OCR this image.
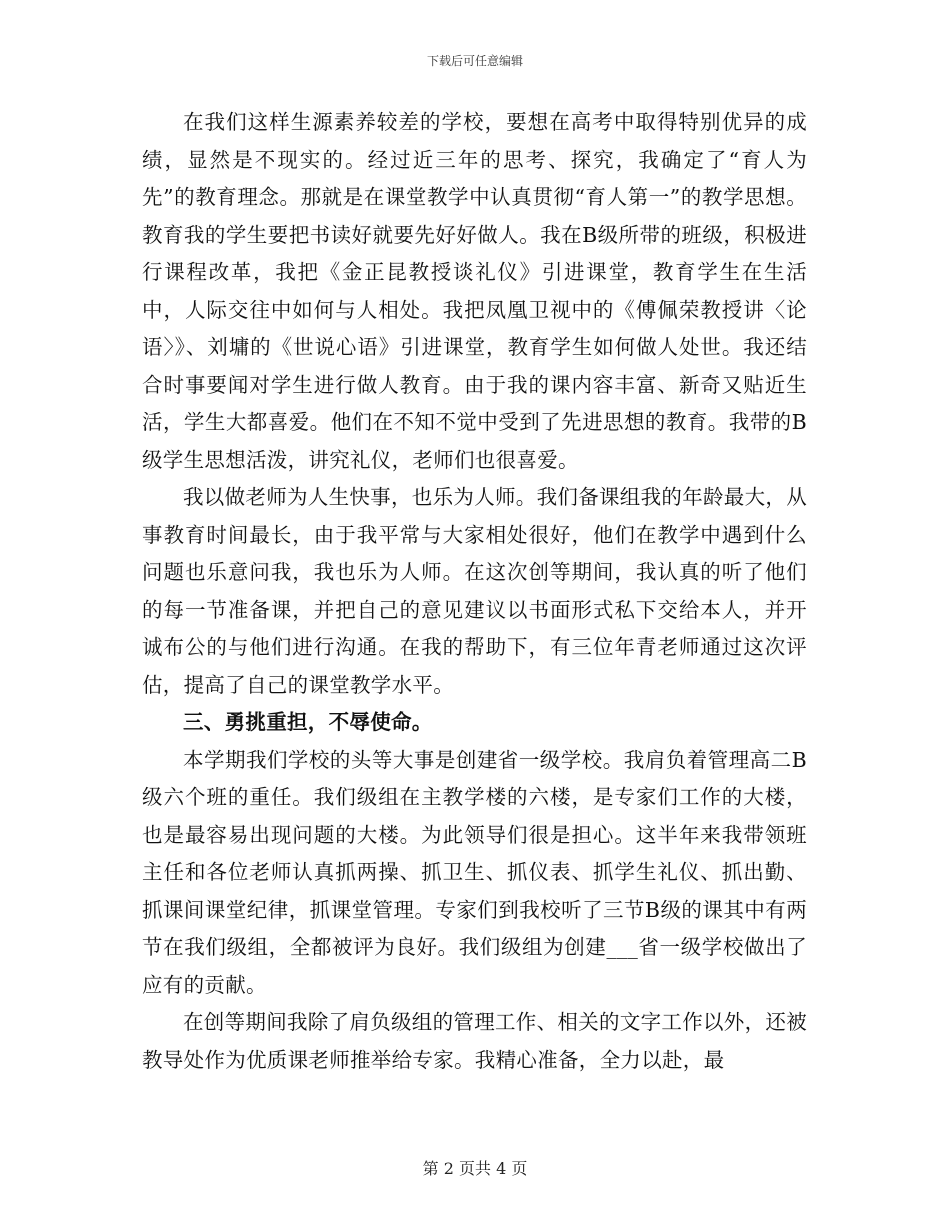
下载后可任意编辑

在我们这样生源素养较差的学校，要想在高考中取得特别优异的成绩，显然是不现实的。经过近三年的思考、探究，我确定了“育人为先”的教育理念。那就是在课堂教学中认真贯彻“育人第一”的教学思想。教育我的学生要把书读好就要先好好做人。我在B级所带的班级，积极进行课程改革，我把《金正昆教授谈礼仪》引进课堂，教育学生在生活中，人际交往中如何与人相处。我把凤凰卫视中的《傅佩荣教授讲〈论语〉》、刘墉的《世说心语》引进课堂，教育学生如何做人处世。我还结合时事要闻对学生进行做人教育。由于我的课内容丰富、新奇又贴近生活，学生大都喜爱。他们在不知不觉中受到了先进思想的教育。我带的B级学生思想活泼，讲究礼仪，老师们也很喜爱。

我以做老师为人生快事，也乐为人师。我们备课组我的年龄最大，从事教育时间最长，由于我平常与大家相处很好，他们在教学中遇到什么问题也乐意问我，我也乐为人师。在这次创等期间，我认真的听了他们的每一节准备课，并把自己的意见建议以书面形式私下交给本人，并开诚布公的与他们进行沟通。在我的帮助下，有三位年青老师通过这次评估，提高了自己的课堂教学水平。

三、勇挑重担，不辱使命。

本学期我们学校的头等大事是创建省一级学校。我肩负着管理高二B级六个班的重任。我们级组在主教学楼的六楼，是专家们工作的大楼，也是最容易出现问题的大楼。为此领导们很是担心。这半年来我带领班主任和各位老师认真抓两操、抓卫生、抓仪表、抓学生礼仪、抓出勤、抓课间课堂纪律，抓课堂管理。专家们到我校听了三节B级的课其中有两节在我们级组，全都被评为良好。我们级组为创建___省一级学校做出了应有的贡献。

在创等期间我除了肩负级组的管理工作、相关的文字工作以外，还被教导处作为优质课老师推举给专家。我精心准备，全力以赴，最

第 2 页共 4 页
